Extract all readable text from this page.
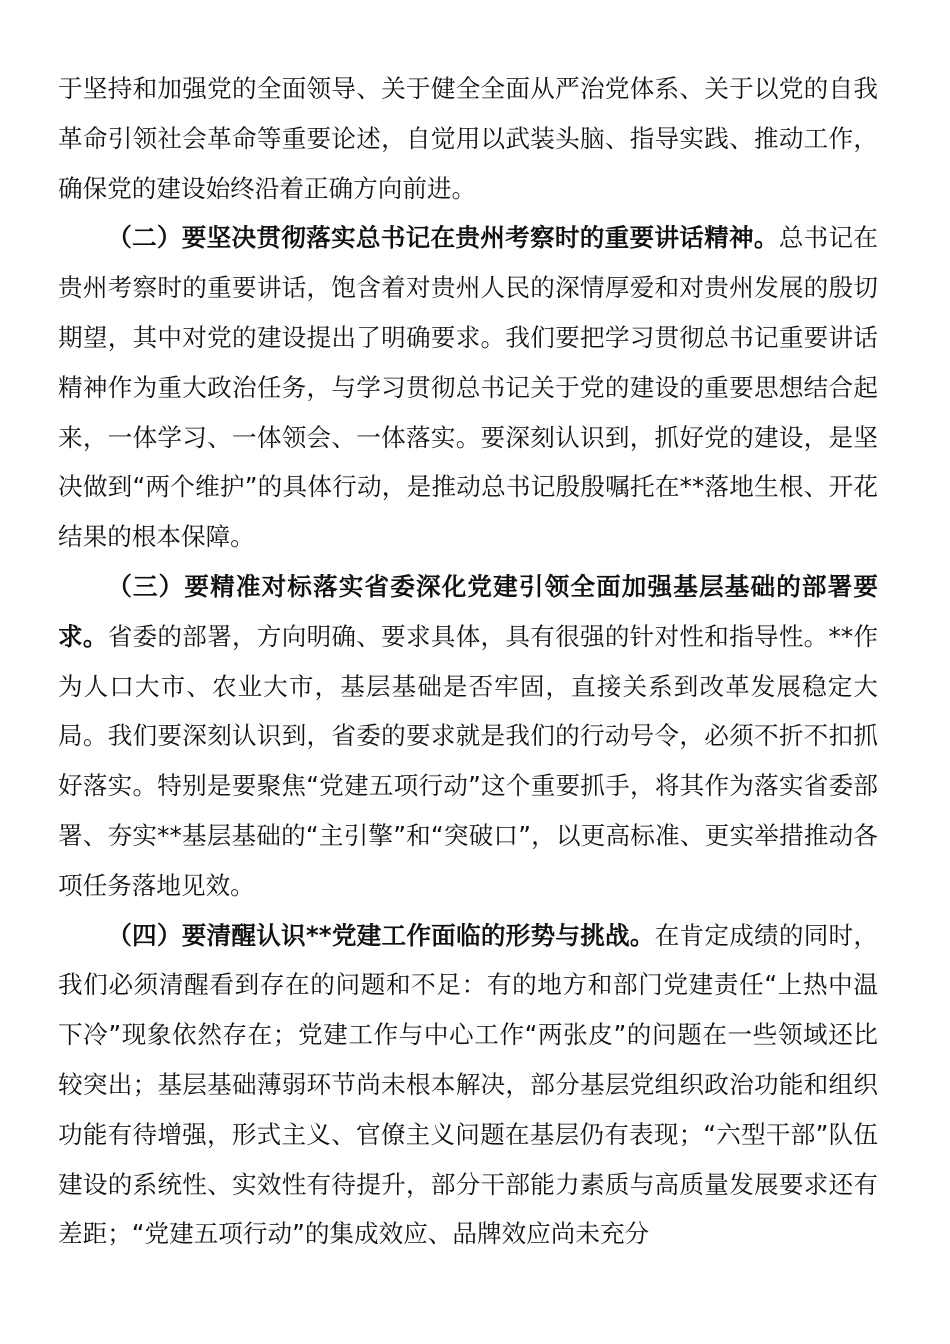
于坚持和加强党的全面领导、关于健全全面从严治党体系、关于以党的自我革命引领社会革命等重要论述，自觉用以武装头脑、指导实践、推动工作，确保党的建设始终沿着正确方向前进。

（二）要坚决贯彻落实总书记在贵州考察时的重要讲话精神。总书记在贵州考察时的重要讲话，饱含着对贵州人民的深情厚爱和对贵州发展的殷切期望，其中对党的建设提出了明确要求。我们要把学习贯彻总书记重要讲话精神作为重大政治任务，与学习贯彻总书记关于党的建设的重要思想结合起来，一体学习、一体领会、一体落实。要深刻认识到，抓好党的建设，是坚决做到“两个维护”的具体行动，是推动总书记殷殷嘱托在**落地生根、开花结果的根本保障。

（三）要精准对标落实省委深化党建引领全面加强基层基础的部署要求。省委的部署，方向明确、要求具体，具有很强的针对性和指导性。**作为人口大市、农业大市，基层基础是否牢固，直接关系到改革发展稳定大局。我们要深刻认识到，省委的要求就是我们的行动号令，必须不折不扣抓好落实。特别是要聚焦“党建五项行动”这个重要抓手，将其作为落实省委部署、夯实**基层基础的“主引擎”和“突破口”，以更高标准、更实举措推动各项任务落地见效。

（四）要清醒认识**党建工作面临的形势与挑战。在肯定成绩的同时，我们必须清醒看到存在的问题和不足：有的地方和部门党建责任“上热中温下冷”现象依然存在；党建工作与中心工作“两张皮”的问题在一些领域还比较突出；基层基础薄弱环节尚未根本解决，部分基层党组织政治功能和组织功能有待增强，形式主义、官僚主义问题在基层仍有表现；“六型干部”队伍建设的系统性、实效性有待提升，部分干部能力素质与高质量发展要求还有差距；“党建五项行动”的集成效应、品牌效应尚未充分
